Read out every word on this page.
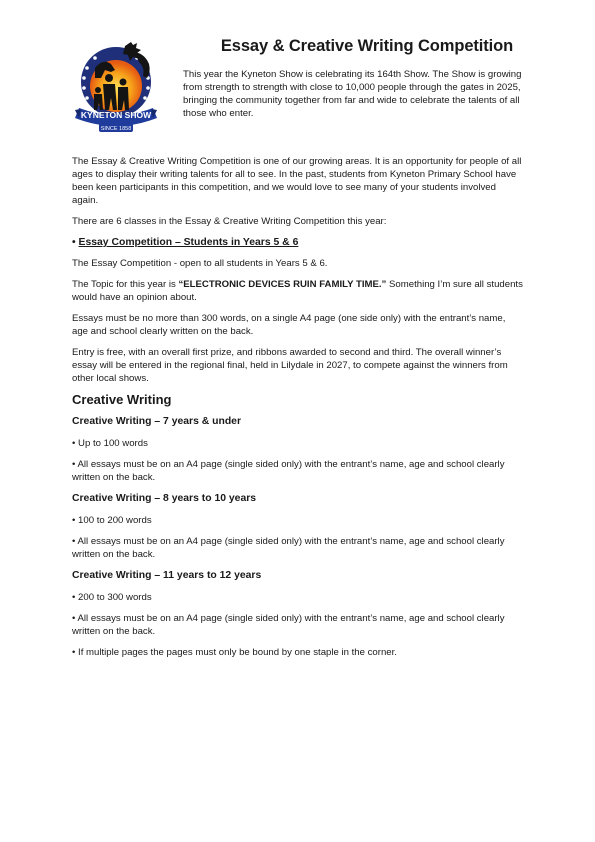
KYNETON SHOW
SINCE 1858
Essay & Creative Writing Competition

This year the Kyneton Show is celebrating its 164th Show. The Show is growing from strength to strength with close to 10,000 people through the gates in 2025, bringing the community together from far and wide to celebrate the talents of all those who enter.

The Essay & Creative Writing Competition is one of our growing areas. It is an opportunity for people of all ages to display their writing talents for all to see. In the past, students from Kyneton Primary School have been keen participants in this competition, and we would love to see many of your students involved again.

There are 6 classes in the Essay & Creative Writing Competition this year:

• Essay Competition – Students in Years 5 & 6

The Essay Competition - open to all students in Years 5 & 6.

The Topic for this year is “ELECTRONIC DEVICES RUIN FAMILY TIME.” Something I’m sure all students would have an opinion about.

Essays must be no more than 300 words, on a single A4 page (one side only) with the entrant’s name, age and school clearly written on the back.

Entry is free, with an overall first prize, and ribbons awarded to second and third. The overall winner’s essay will be entered in the regional final, held in Lilydale in 2027, to compete against the winners from other local shows.

Creative Writing
Creative Writing – 7 years & under

• Up to 100 words

• All essays must be on an A4 page (single sided only) with the entrant’s name, age and school clearly written on the back.

Creative Writing – 8 years to 10 years

• 100 to 200 words

• All essays must be on an A4 page (single sided only) with the entrant’s name, age and school clearly written on the back.

Creative Writing – 11 years to 12 years

• 200 to 300 words

• All essays must be on an A4 page (single sided only) with the entrant’s name, age and school clearly written on the back.

• If multiple pages the pages must only be bound by one staple in the corner.
